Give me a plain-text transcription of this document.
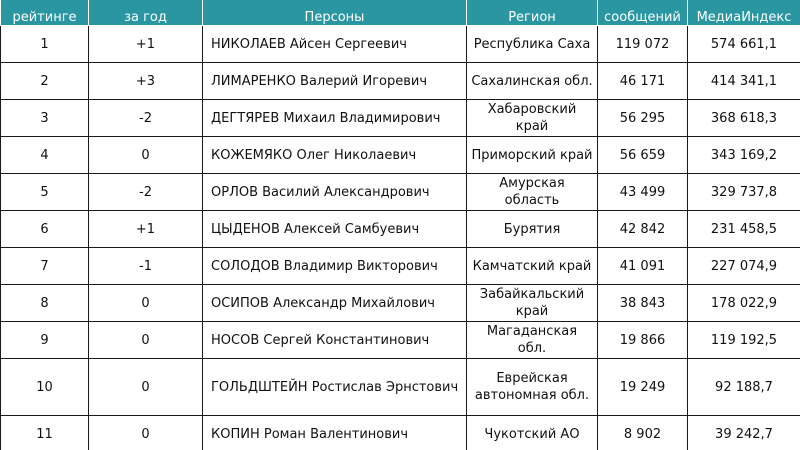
рейтинге	за год	Персоны	Регион	сообщений	МедиаИндекс
1	+1	НИКОЛАЕВ Айсен Сергеевич	Республика Саха	119 072	574 661,1
2	+3	ЛИМАРЕНКО Валерий Игоревич	Сахалинская обл.	46 171	414 341,1
3	-2	ДЕГТЯРЕВ Михаил Владимирович	Хабаровский край	56 295	368 618,3
4	0	КОЖЕМЯКО Олег Николаевич	Приморский край	56 659	343 169,2
5	-2	ОРЛОВ Василий Александрович	Амурская область	43 499	329 737,8
6	+1	ЦЫДЕНОВ Алексей Самбуевич	Бурятия	42 842	231 458,5
7	-1	СОЛОДОВ Владимир Викторович	Камчатский край	41 091	227 074,9
8	0	ОСИПОВ Александр Михайлович	Забайкальский край	38 843	178 022,9
9	0	НОСОВ Сергей Константинович	Магаданская обл.	19 866	119 192,5
10	0	ГОЛЬДШТЕЙН Ростислав Эрнстович	Еврейская автономная обл.	19 249	92 188,7
11	0	КОПИН Роман Валентинович	Чукотский АО	8 902	39 242,7
